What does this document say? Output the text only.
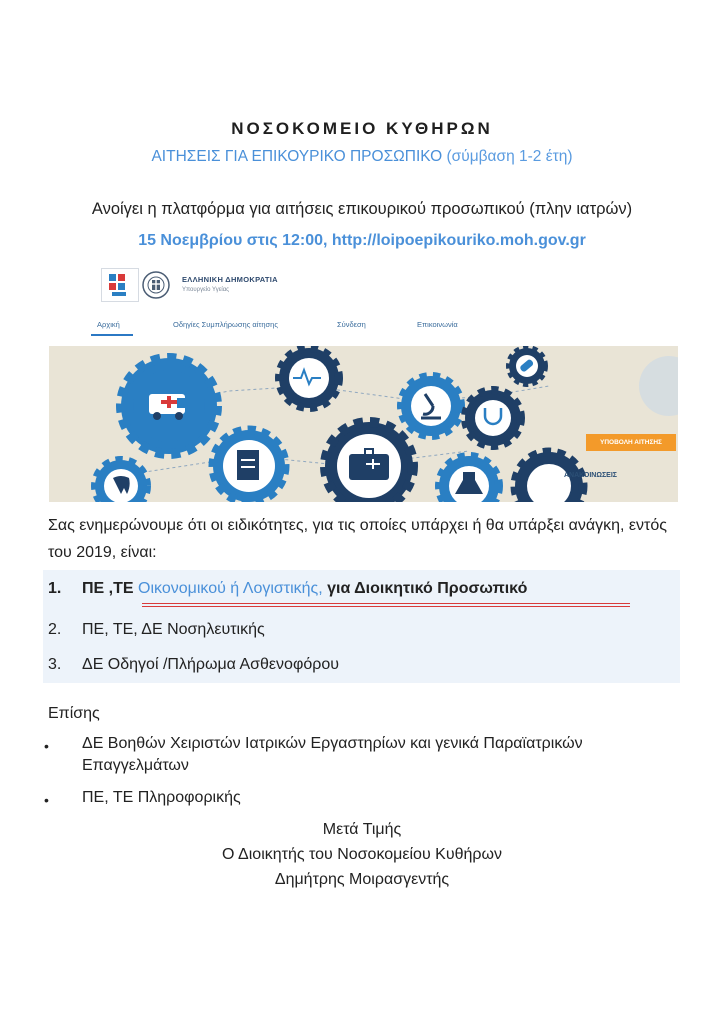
ΝΟΣΟΚΟΜΕΙΟ ΚΥΘΗΡΩΝ
ΑΙΤΗΣΕΙΣ ΓΙΑ ΕΠΙΚΟΥΡΙΚΟ ΠΡΟΣΩΠΙΚΟ (σύμβαση 1-2 έτη)
Ανοίγει η πλατφόρμα για αιτήσεις επικουρικού προσωπικού (πλην ιατρών)
15 Νοεμβρίου στις 12:00, http://loipoepikouriko.moh.gov.gr
ΕΛΛΗΝΙΚΗ ΔΗΜΟΚΡΑΤΙΑ
Υπουργείο Υγείας
Αρχική	Οδηγίες Συμπλήρωσης αίτησης	Σύνδεση	Επικοινωνία
ΥΠΟΒΟΛΗ ΑΙΤΗΣΗΣ
ΑΝΑΚΟΙΝΩΣΕΙΣ
Σας ενημερώνουμε ότι οι ειδικότητες, για τις οποίες υπάρχει ή θα υπάρξει ανάγκη, εντός του 2019, είναι:
1. ΠΕ ,ΤΕ Οικονομικού ή Λογιστικής, για Διοικητικό Προσωπικό
2. ΠΕ, ΤΕ, ΔΕ Νοσηλευτικής
3. ΔΕ Οδηγοί /Πλήρωμα Ασθενοφόρου
Επίσης
• ΔΕ Βοηθών Χειριστών Ιατρικών Εργαστηρίων και γενικά Παραϊατρικών Επαγγελμάτων
• ΠΕ, ΤΕ Πληροφορικής
Μετά Τιμής
Ο Διοικητής του Νοσοκομείου Κυθήρων
Δημήτρης Μοιρασγεντής
